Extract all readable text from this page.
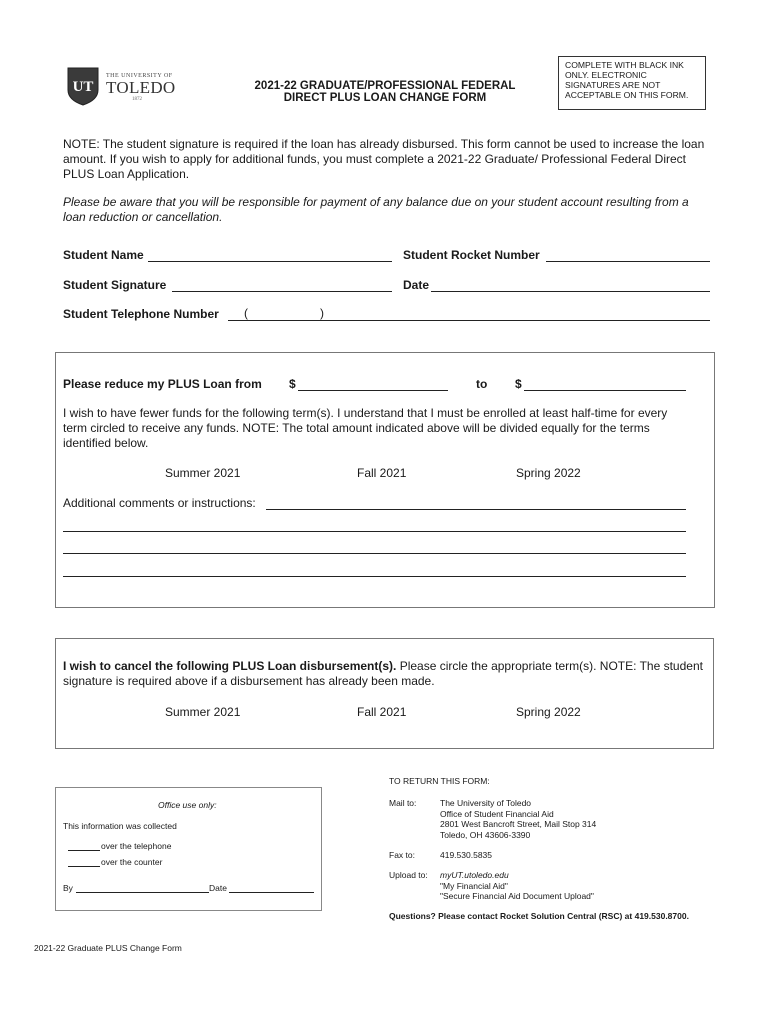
UT
THE UNIVERSITY OF
TOLEDO
1872
2021-22 GRADUATE/PROFESSIONAL FEDERAL
DIRECT PLUS LOAN CHANGE FORM
COMPLETE WITH BLACK INK ONLY. ELECTRONIC SIGNATURES ARE NOT ACCEPTABLE ON THIS FORM.
NOTE: The student signature is required if the loan has already disbursed. This form cannot be used to increase the loan amount. If you wish to apply for additional funds, you must complete a 2021-22 Graduate/ Professional Federal Direct PLUS Loan Application.
Please be aware that you will be responsible for payment of any balance due on your student account resulting from a loan reduction or cancellation.
Student Name	Student Rocket Number
Student Signature	Date
Student Telephone Number (	)
Please reduce my PLUS Loan from $	to $
I wish to have fewer funds for the following term(s). I understand that I must be enrolled at least half-time for every term circled to receive any funds. NOTE: The total amount indicated above will be divided equally for the terms identified below.
Summer 2021	Fall 2021	Spring 2022
Additional comments or instructions:
I wish to cancel the following PLUS Loan disbursement(s). Please circle the appropriate term(s). NOTE: The student signature is required above if a disbursement has already been made.
Summer 2021	Fall 2021	Spring 2022
Office use only:
This information was collected
over the telephone
over the counter
By	Date
TO RETURN THIS FORM:
Mail to:	The University of Toledo
Office of Student Financial Aid
2801 West Bancroft Street, Mail Stop 314
Toledo, OH 43606-3390
Fax to:	419.530.5835
Upload to: myUT.utoledo.edu
"My Financial Aid"
"Secure Financial Aid Document Upload"
Questions? Please contact Rocket Solution Central (RSC) at 419.530.8700.
2021-22 Graduate PLUS Change Form
